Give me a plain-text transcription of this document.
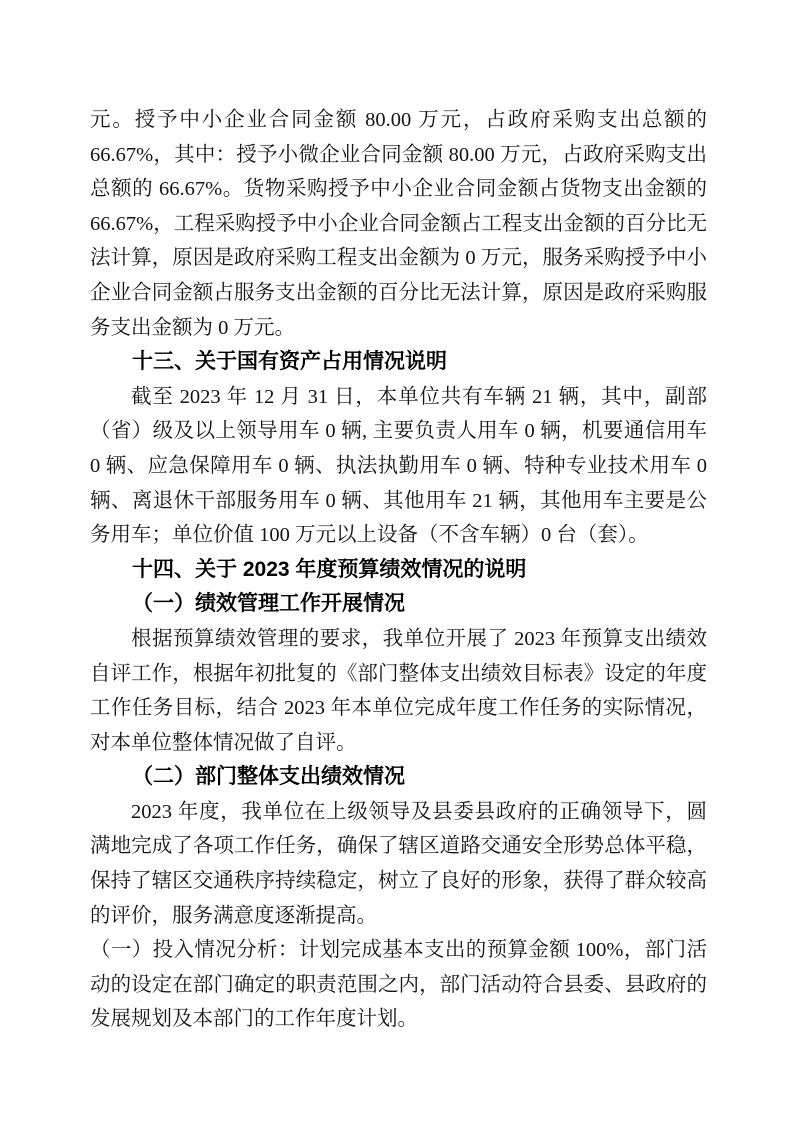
元。授予中小企业合同金额 80.00 万元，占政府采购支出总额的 66.67%，其中：授予小微企业合同金额 80.00 万元，占政府采购支出总额的 66.67%。货物采购授予中小企业合同金额占货物支出金额的 66.67%，工程采购授予中小企业合同金额占工程支出金额的百分比无法计算，原因是政府采购工程支出金额为 0 万元，服务采购授予中小企业合同金额占服务支出金额的百分比无法计算，原因是政府采购服务支出金额为 0 万元。

十三、关于国有资产占用情况说明

截至 2023 年 12 月 31 日，本单位共有车辆 21 辆，其中，副部（省）级及以上领导用车 0 辆, 主要负责人用车 0 辆，机要通信用车 0 辆、应急保障用车 0 辆、执法执勤用车 0 辆、特种专业技术用车 0 辆、离退休干部服务用车 0 辆、其他用车 21 辆，其他用车主要是公务用车；单位价值 100 万元以上设备（不含车辆）0 台（套）。

十四、关于 2023 年度预算绩效情况的说明

（一）绩效管理工作开展情况

根据预算绩效管理的要求，我单位开展了 2023 年预算支出绩效自评工作，根据年初批复的《部门整体支出绩效目标表》设定的年度工作任务目标，结合 2023 年本单位完成年度工作任务的实际情况，对本单位整体情况做了自评。

（二）部门整体支出绩效情况

2023 年度，我单位在上级领导及县委县政府的正确领导下，圆满地完成了各项工作任务，确保了辖区道路交通安全形势总体平稳，保持了辖区交通秩序持续稳定，树立了良好的形象，获得了群众较高的评价，服务满意度逐渐提高。

（一）投入情况分析：计划完成基本支出的预算金额 100%，部门活动的设定在部门确定的职责范围之内，部门活动符合县委、县政府的发展规划及本部门的工作年度计划。
